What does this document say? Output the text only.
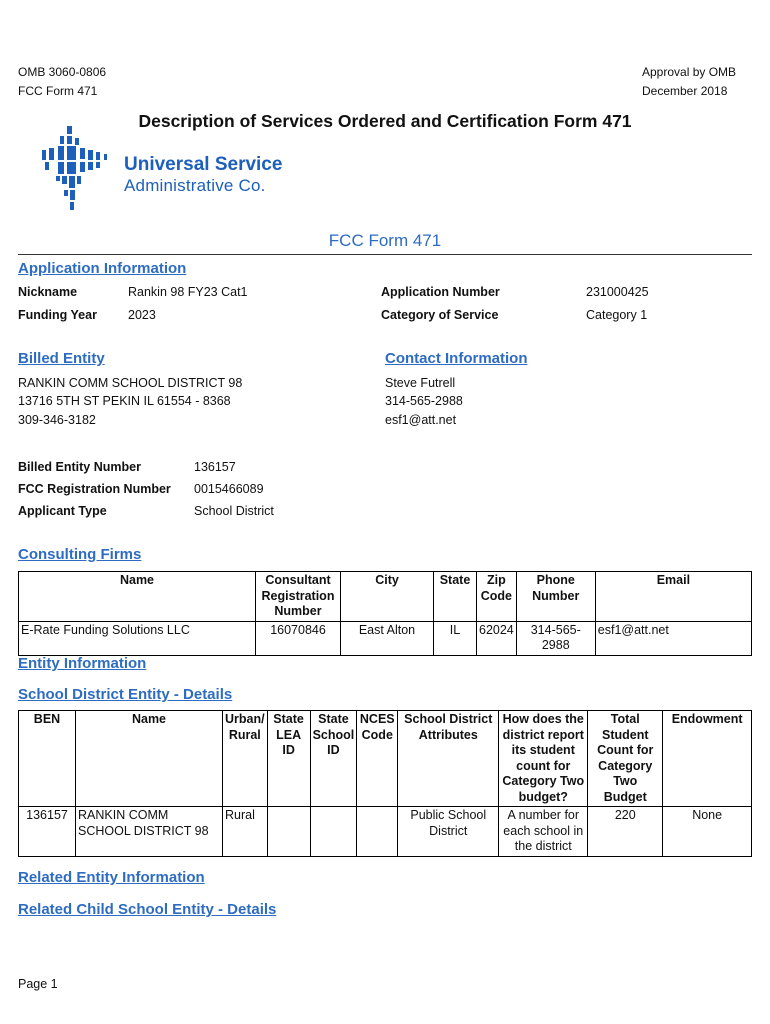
OMB 3060-0806
FCC Form 471
Approval by OMB
December 2018
Description of Services Ordered and Certification Form 471
Universal Service
Administrative Co.
FCC Form 471
Application Information
Nickname	Rankin 98 FY23 Cat1
Funding Year 2023
Application Number	231000425
Category of Service	Category 1
Billed Entity
RANKIN COMM SCHOOL DISTRICT 98
13716 5TH ST PEKIN IL 61554 - 8368
309-346-3182
Contact Information
Steve Futrell
314-565-2988
esf1@att.net
Billed Entity Number	136157
FCC Registration Number 0015466089
Applicant Type	School District
Consulting Firms
Name	Consultant Registration Number	City	State	Zip Code	Phone Number	Email
E-Rate Funding Solutions LLC	16070846	East Alton	IL	62024	314-565-2988	esf1@att.net
Entity Information
School District Entity - Details
BEN	Name	Urban/ Rural	State LEA ID	State School ID	NCES Code	School District Attributes	How does the district report its student count for Category Two budget?	Total Student Count for Category Two Budget	Endowment
136157	RANKIN COMM SCHOOL DISTRICT 98	Rural				Public School District	A number for each school in the district	220	None
Related Entity Information
Related Child School Entity - Details
Page 1
